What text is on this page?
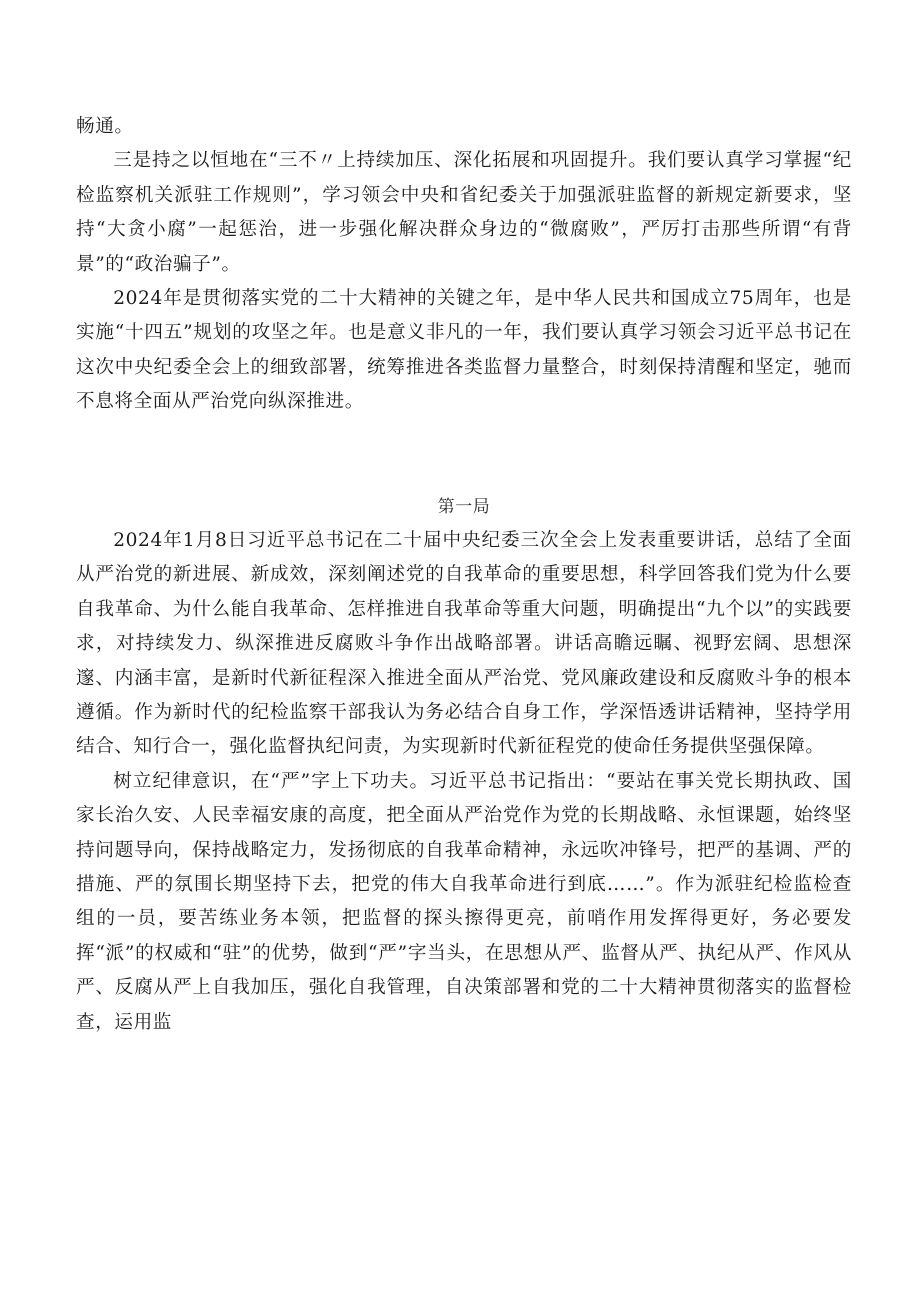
畅通。

三是持之以恒地在“三不〃上持续加压、深化拓展和巩固提升。我们要认真学习掌握“纪检监察机关派驻工作规则”，学习领会中央和省纪委关于加强派驻监督的新规定新要求，坚持“大贪小腐”一起惩治，进一步强化解决群众身边的“微腐败”，严厉打击那些所谓“有背景”的“政治骗子”。

2024年是贯彻落实党的二十大精神的关键之年，是中华人民共和国成立75周年，也是实施“十四五”规划的攻坚之年。也是意义非凡的一年，我们要认真学习领会习近平总书记在这次中央纪委全会上的细致部署，统筹推进各类监督力量整合，时刻保持清醒和坚定，驰而不息将全面从严治党向纵深推进。

第一局

2024年1月8日习近平总书记在二十届中央纪委三次全会上发表重要讲话，总结了全面从严治党的新进展、新成效，深刻阐述党的自我革命的重要思想，科学回答我们党为什么要自我革命、为什么能自我革命、怎样推进自我革命等重大问题，明确提出“九个以”的实践要求，对持续发力、纵深推进反腐败斗争作出战略部署。讲话高瞻远瞩、视野宏阔、思想深邃、内涵丰富，是新时代新征程深入推进全面从严治党、党风廉政建设和反腐败斗争的根本遵循。作为新时代的纪检监察干部我认为务必结合自身工作，学深悟透讲话精神，坚持学用结合、知行合一，强化监督执纪问责，为实现新时代新征程党的使命任务提供坚强保障。

树立纪律意识，在“严”字上下功夫。习近平总书记指出：“要站在事关党长期执政、国家长治久安、人民幸福安康的高度，把全面从严治党作为党的长期战略、永恒课题，始终坚持问题导向，保持战略定力，发扬彻底的自我革命精神，永远吹冲锋号，把严的基调、严的措施、严的氛围长期坚持下去，把党的伟大自我革命进行到底……”。作为派驻纪检监检查组的一员，要苦练业务本领，把监督的探头擦得更亮，前哨作用发挥得更好，务必要发挥“派”的权威和“驻”的优势，做到“严”字当头，在思想从严、监督从严、执纪从严、作风从严、反腐从严上自我加压，强化自我管理，自决策部署和党的二十大精神贯彻落实的监督检查，运用监
